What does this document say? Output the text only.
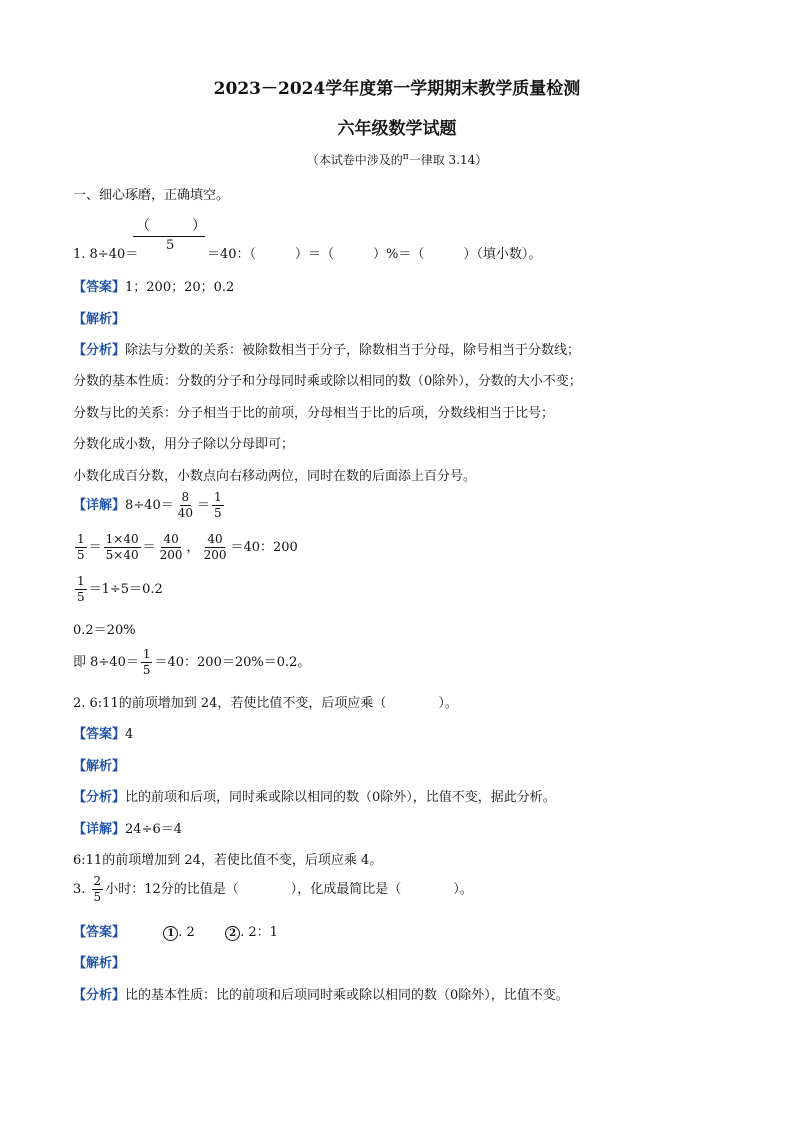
2023－2024学年度第一学期期末教学质量检测
六年级数学试题
（本试卷中涉及的$^\pi$一律取 3.14）
一、细心琢磨，正确填空。
（　　　）
5
1. 8÷40＝	＝40：（　　　）＝（　　　）%＝（　　　）（填小数）。
【答案】1；200；20；0.2
【解析】
【分析】除法与分数的关系：被除数相当于分子，除数相当于分母，除号相当于分数线；
分数的基本性质：分数的分子和分母同时乘或除以相同的数（0除外），分数的大小不变；
分数与比的关系：分子相当于比的前项，分母相当于比的后项，分数线相当于比号；
分数化成小数，用分子除以分母即可；
小数化成百分数，小数点向右移动两位，同时在数的后面添上百分号。
【详解】$8\div 40= \frac{8}{40} = \frac{1}{5}$
$\frac{1}{5} = \frac{1\times 40}{5\times 40} = \frac{40}{200}$ ， $\frac{40}{200} =40$：200
$\frac{1}{5} =1\div 5=0.2$
0.2＝20%
即 $8\div 40= \frac{1}{5} =40$：200＝20%＝0.2。
2. 6:11的前项增加到 24，若使比值不变，后项应乘（　　　　）。
【答案】4
【解析】
【分析】比的前项和后项，同时乘或除以相同的数（0除外），比值不变，据此分析。
【详解】24÷6＝4
6:11的前项增加到 24，若使比值不变，后项应乘 4。
3. $\frac{2}{5}$ 小时：12分的比值是（　　　　），化成最简比是（　　　　）。
【答案】	1 . 2	2 . 2：1
【解析】
【分析】比的基本性质：比的前项和后项同时乘或除以相同的数（0除外），比值不变。
